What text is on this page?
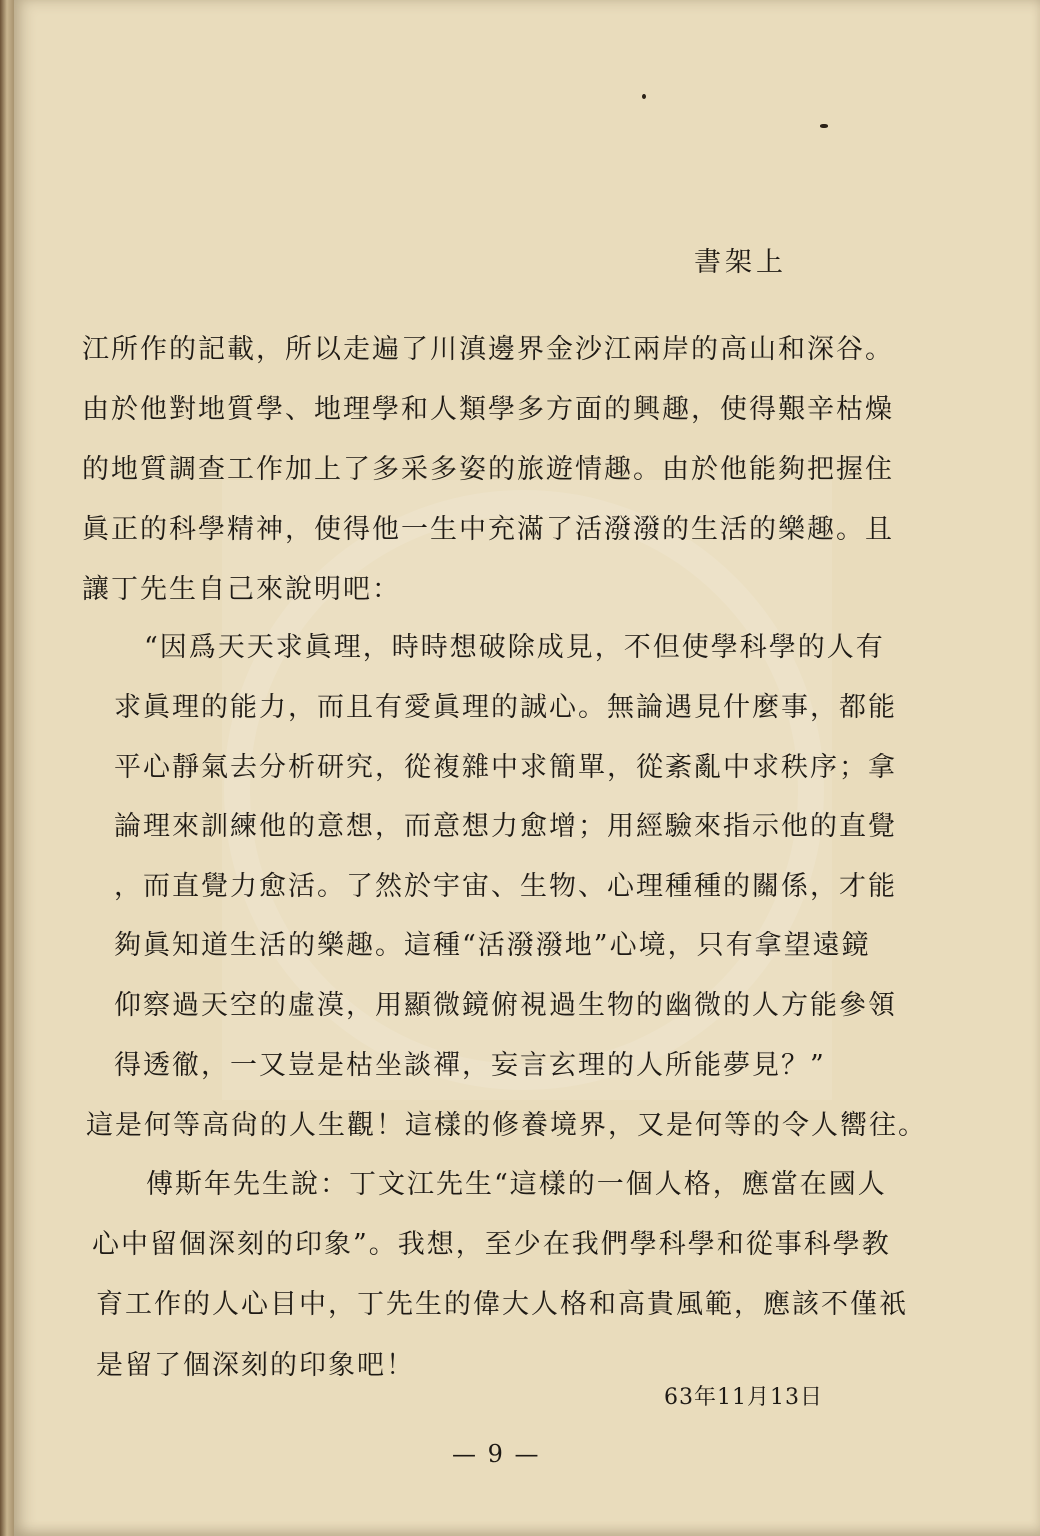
書架上
江所作的記載，所以走遍了川滇邊界金沙江兩岸的高山和深谷。
由於他對地質學、地理學和人類學多方面的興趣，使得艱辛枯燥
的地質調查工作加上了多采多姿的旅遊情趣。由於他能夠把握住
眞正的科學精神，使得他一生中充滿了活潑潑的生活的樂趣。且
讓丁先生自己來說明吧：
“因爲天天求眞理，時時想破除成見，不但使學科學的人有
求眞理的能力，而且有愛眞理的誠心。無論遇見什麼事，都能
平心靜氣去分析研究，從複雜中求簡單，從紊亂中求秩序；拿
論理來訓練他的意想，而意想力愈增；用經驗來指示他的直覺
，而直覺力愈活。了然於宇宙、生物、心理種種的關係，才能
夠眞知道生活的樂趣。這種“活潑潑地”心境，只有拿望遠鏡
仰察過天空的虛漠，用顯微鏡俯視過生物的幽微的人方能參領
得透徹，一又豈是枯坐談禪，妄言玄理的人所能夢見？”
這是何等高尙的人生觀！這樣的修養境界，又是何等的令人嚮往。
傅斯年先生說：丁文江先生“這樣的一個人格，應當在國人
心中留個深刻的印象”。我想，至少在我們學科學和從事科學教
育工作的人心目中，丁先生的偉大人格和高貴風範，應該不僅祇
是留了個深刻的印象吧！
63年11月13日
— 9 —
